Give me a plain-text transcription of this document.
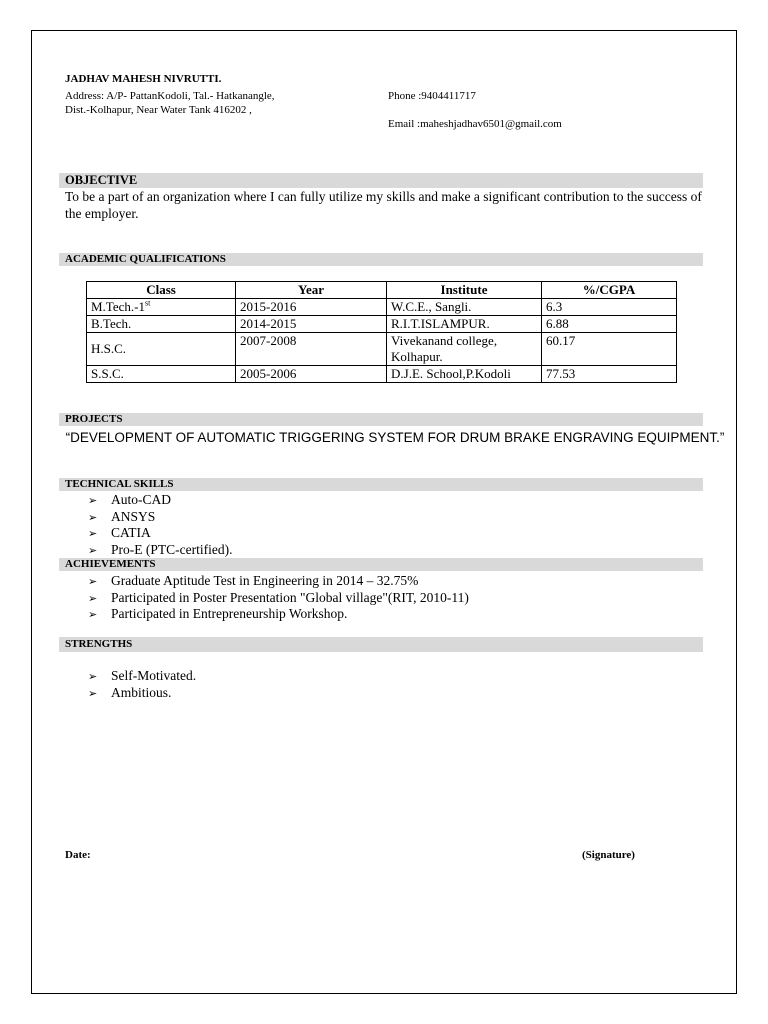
JADHAV MAHESH NIVRUTTI.
Address: A/P- PattanKodoli, Tal.- Hatkanangle,
Dist.-Kolhapur, Near Water Tank 416202 ,
Phone :9404411717
Email :maheshjadhav6501@gmail.com
OBJECTIVE
To be a part of an organization where I can fully utilize my skills and make a significant contribution to the success of the employer.
ACADEMIC QUALIFICATIONS
Class	Year	Institute	%/CGPA
M.Tech.-1st	2015-2016	W.C.E., Sangli.	6.3
B.Tech.	2014-2015	R.I.T.ISLAMPUR.	6.88
H.S.C.	2007-2008	Vivekanand college, Kolhapur.	60.17
S.S.C.	2005-2006	D.J.E. School,P.Kodoli	77.53
PROJECTS
“DEVELOPMENT OF AUTOMATIC TRIGGERING SYSTEM FOR DRUM BRAKE ENGRAVING EQUIPMENT.”
TECHNICAL SKILLS
➢ Auto-CAD
➢ ANSYS
➢ CATIA
➢ Pro-E (PTC-certified).
ACHIEVEMENTS
➢ Graduate Aptitude Test in Engineering in 2014 – 32.75%
➢ Participated in Poster Presentation "Global village"(RIT, 2010-11)
➢ Participated in Entrepreneurship Workshop.
STRENGTHS
➢ Self-Motivated.
➢ Ambitious.
Date:	(Signature)
